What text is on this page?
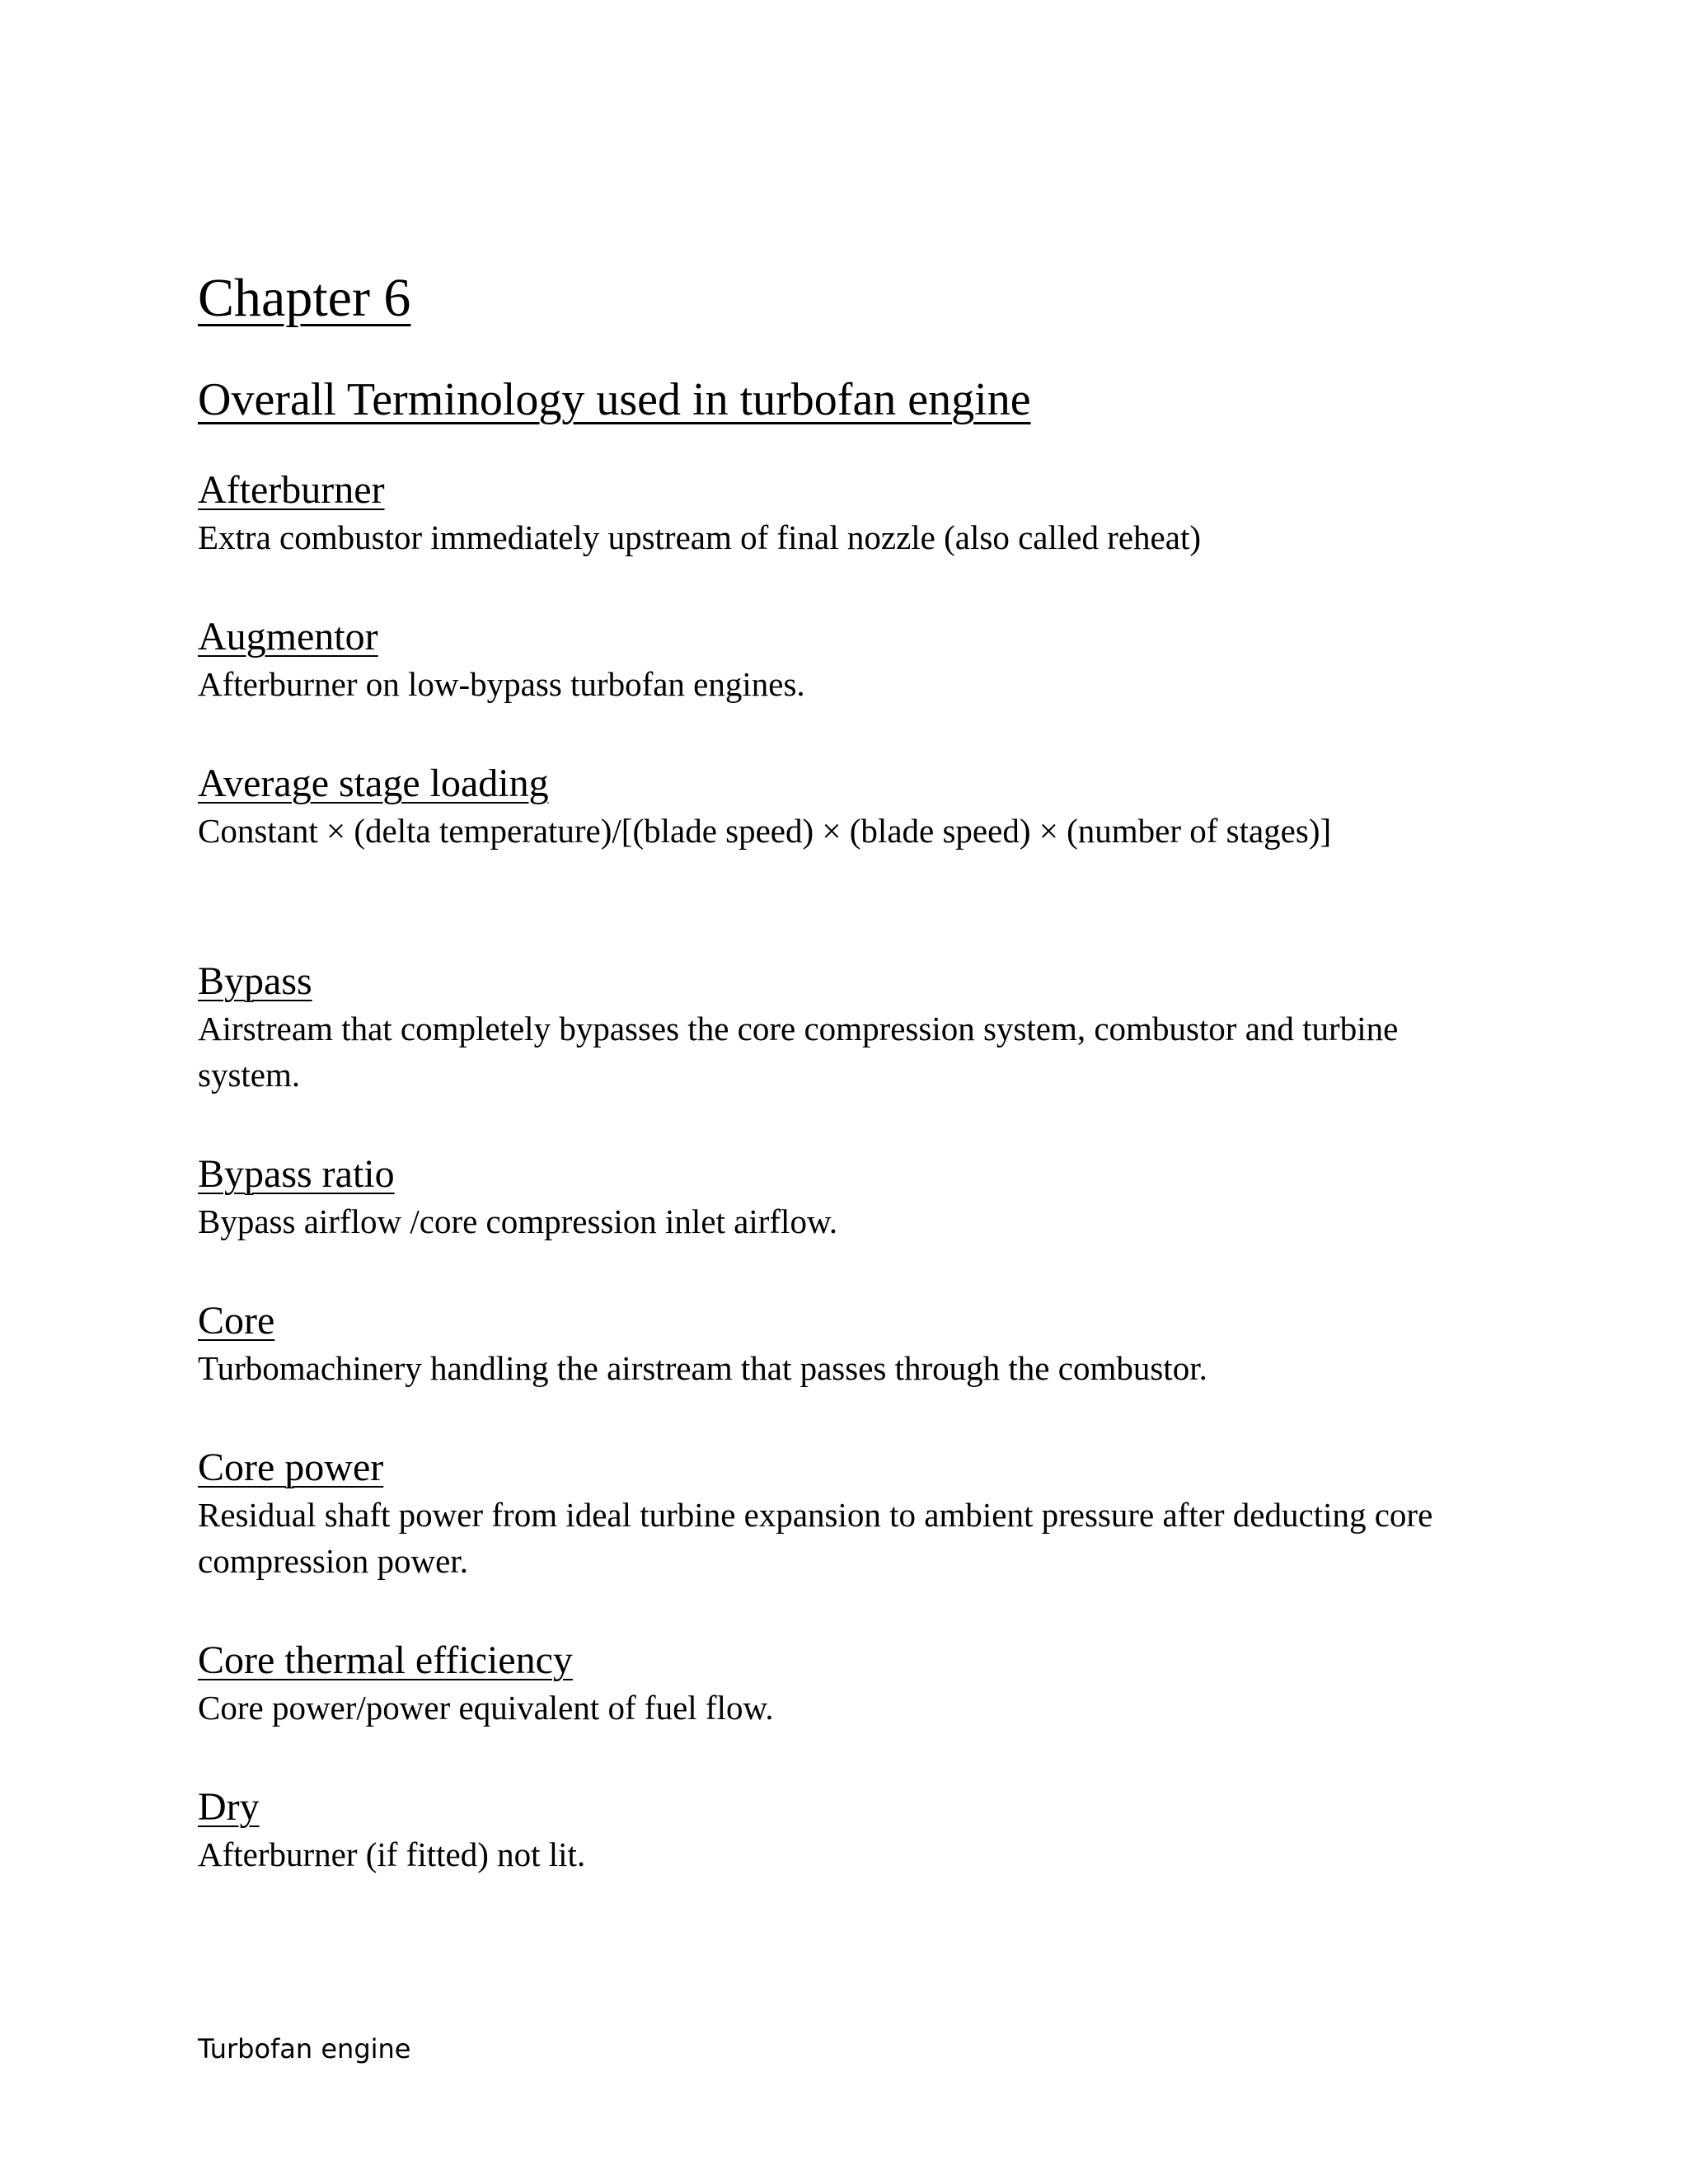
Chapter 6
Overall Terminology used in turbofan engine
Afterburner

Extra combustor immediately upstream of final nozzle (also called reheat)

Augmentor

Afterburner on low-bypass turbofan engines.

Average stage loading

Constant × (delta temperature)/[(blade speed) × (blade speed) × (number of stages)]

Bypass

Airstream that completely bypasses the core compression system, combustor and turbine system.

Bypass ratio

Bypass airflow /core compression inlet airflow.

Core

Turbomachinery handling the airstream that passes through the combustor.

Core power

Residual shaft power from ideal turbine expansion to ambient pressure after deducting core compression power.

Core thermal efficiency

Core power/power equivalent of fuel flow.

Dry

Afterburner (if fitted) not lit.

Turbofan engine
